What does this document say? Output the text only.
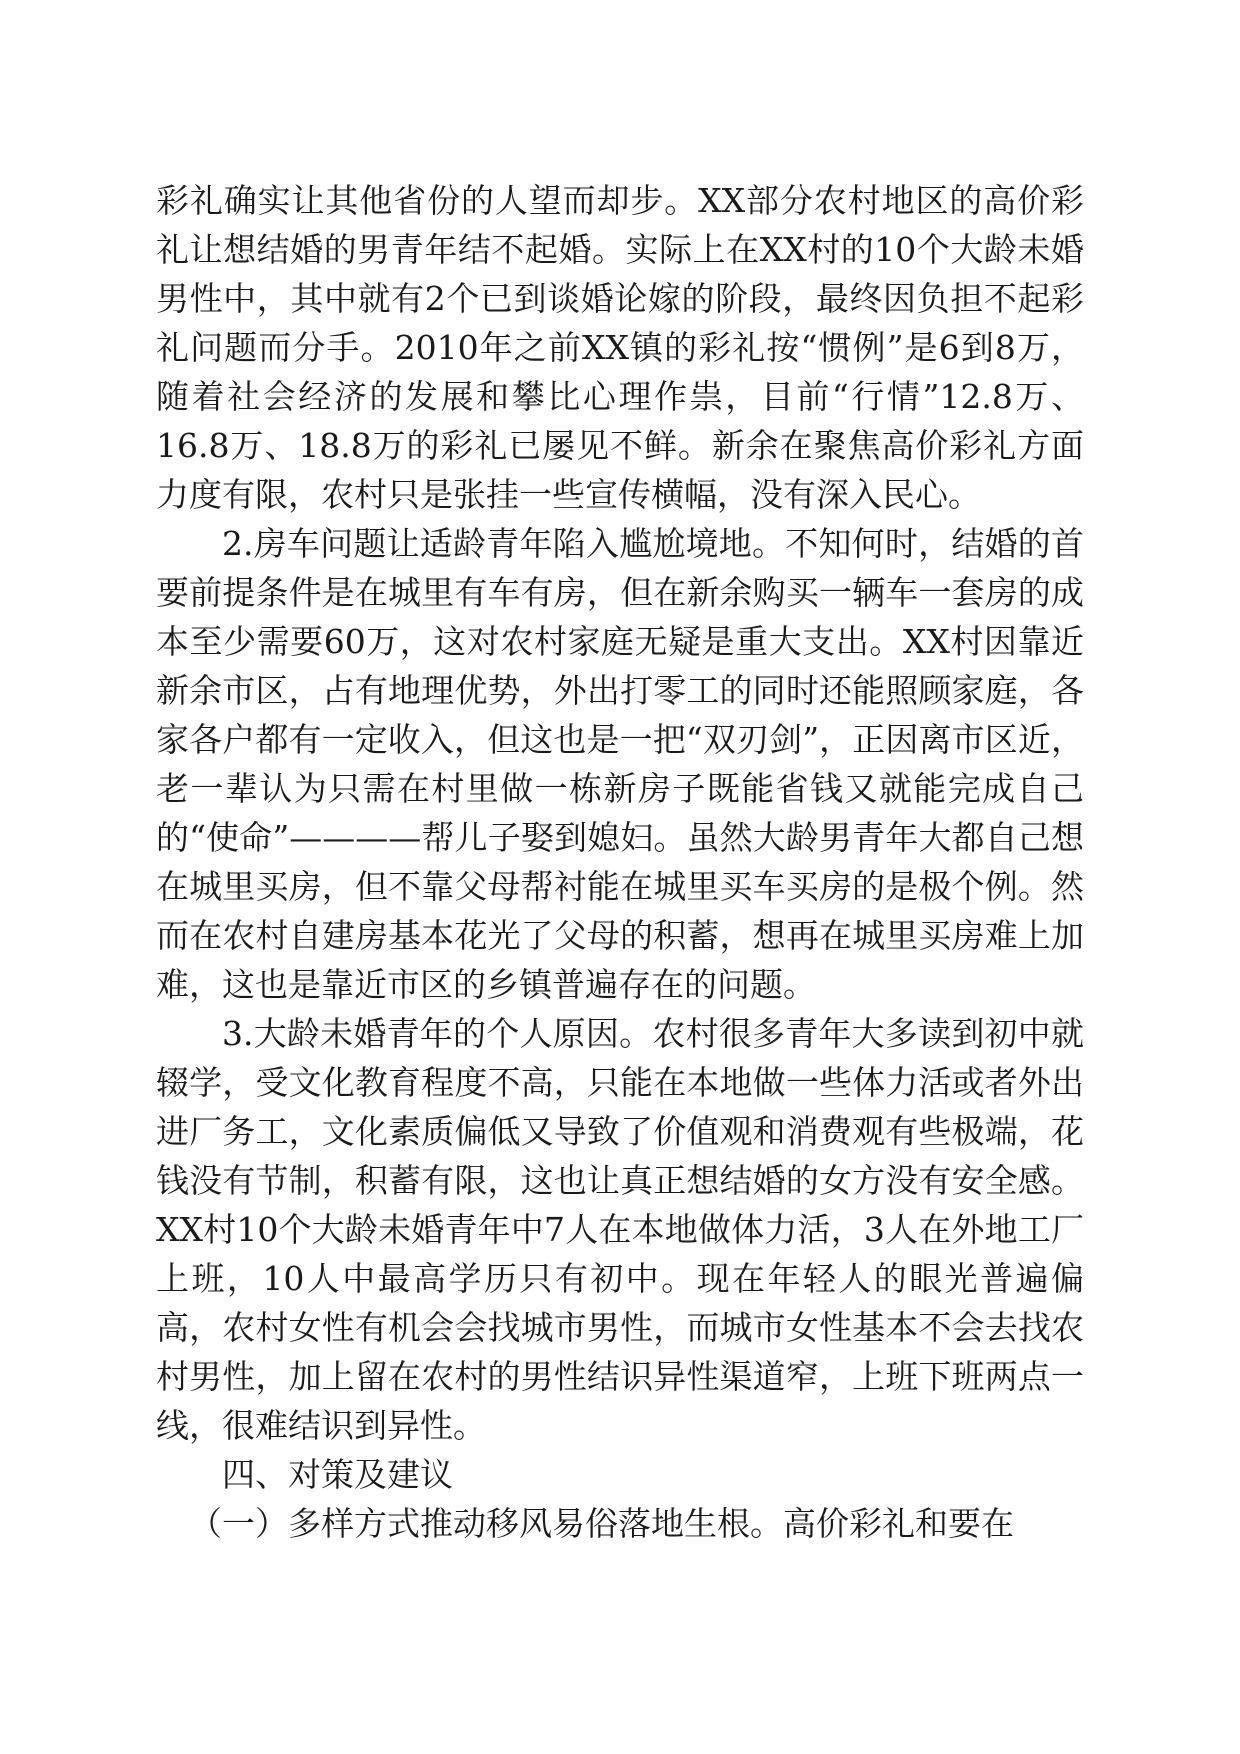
彩礼确实让其他省份的人望而却步。XX部分农村地区的高价彩礼让想结婚的男青年结不起婚。实际上在XX村的10个大龄未婚男性中，其中就有2个已到谈婚论嫁的阶段，最终因负担不起彩礼问题而分手。2010年之前XX镇的彩礼按“惯例”是6到8万，随着社会经济的发展和攀比心理作祟，目前“行情”12.8万、16.8万、18.8万的彩礼已屡见不鲜。新余在聚焦高价彩礼方面力度有限，农村只是张挂一些宣传横幅，没有深入民心。

2.房车问题让适龄青年陷入尴尬境地。不知何时，结婚的首要前提条件是在城里有车有房，但在新余购买一辆车一套房的成本至少需要60万，这对农村家庭无疑是重大支出。XX村因靠近新余市区，占有地理优势，外出打零工的同时还能照顾家庭，各家各户都有一定收入，但这也是一把“双刃剑”，正因离市区近，老一辈认为只需在村里做一栋新房子既能省钱又就能完成自己的“使命”————帮儿子娶到媳妇。虽然大龄男青年大都自己想在城里买房，但不靠父母帮衬能在城里买车买房的是极个例。然而在农村自建房基本花光了父母的积蓄，想再在城里买房难上加难，这也是靠近市区的乡镇普遍存在的问题。

3.大龄未婚青年的个人原因。农村很多青年大多读到初中就辍学，受文化教育程度不高，只能在本地做一些体力活或者外出进厂务工，文化素质偏低又导致了价值观和消费观有些极端，花钱没有节制，积蓄有限，这也让真正想结婚的女方没有安全感。XX村10个大龄未婚青年中7人在本地做体力活，3人在外地工厂上班，10人中最高学历只有初中。现在年轻人的眼光普遍偏高，农村女性有机会会找城市男性，而城市女性基本不会去找农村男性，加上留在农村的男性结识异性渠道窄，上班下班两点一线，很难结识到异性。

四、对策及建议

（一）多样方式推动移风易俗落地生根。高价彩礼和要在
